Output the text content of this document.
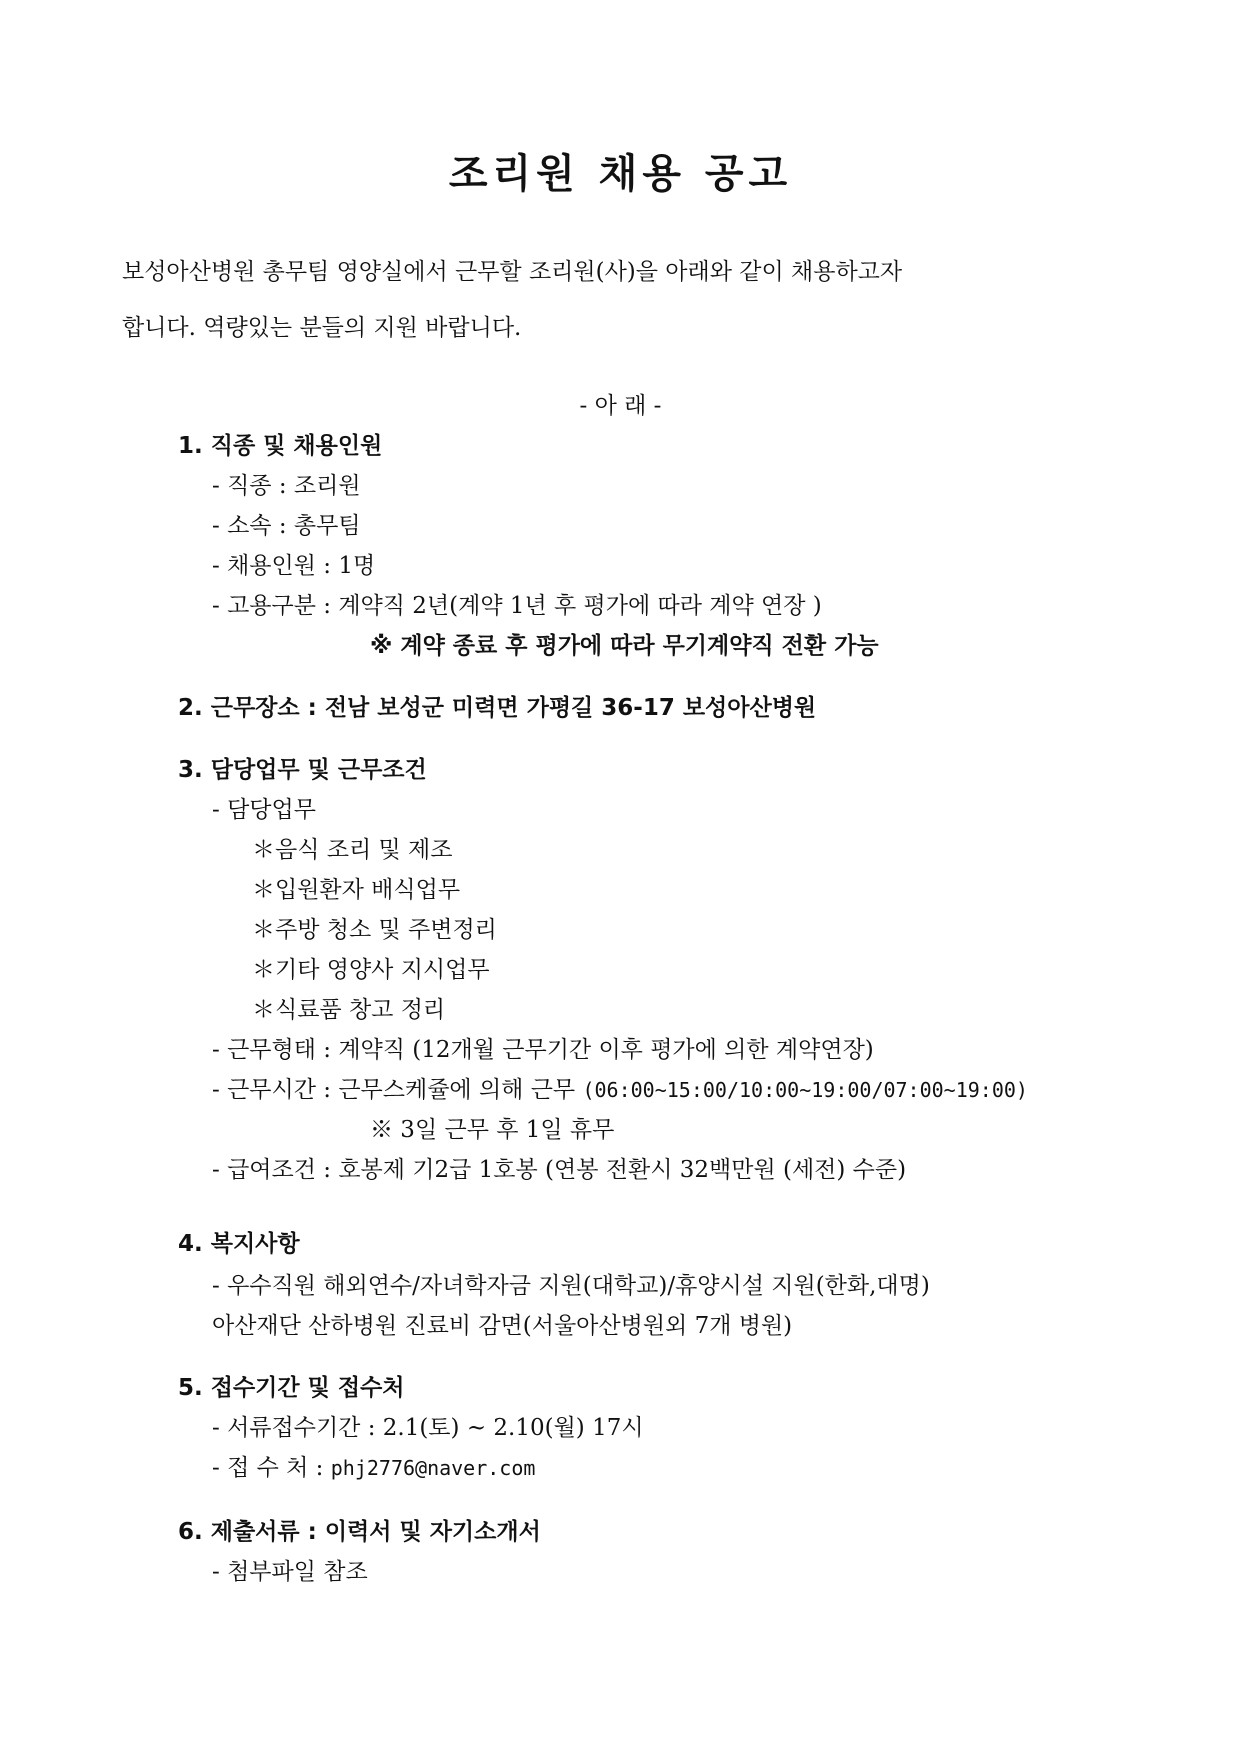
조리원 채용 공고
보성아산병원 총무팀 영양실에서 근무할 조리원(사)을 아래와 같이 채용하고자
합니다. 역량있는 분들의 지원 바랍니다.
- 아 래 -
1. 직종 및 채용인원
- 직종 : 조리원
- 소속 : 총무팀
- 채용인원 : 1명
- 고용구분 : 계약직 2년(계약 1년 후 평가에 따라 계약 연장 )
※ 계약 종료 후 평가에 따라 무기계약직 전환 가능
2. 근무장소 : 전남 보성군 미력면 가평길 36-17 보성아산병원
3. 담당업무 및 근무조건
- 담당업무
＊음식 조리 및 제조
＊입원환자 배식업무
＊주방 청소 및 주변정리
＊기타 영양사 지시업무
＊식료품 창고 정리
- 근무형태 : 계약직 (12개월 근무기간 이후 평가에 의한 계약연장)
- 근무시간 : 근무스케쥴에 의해 근무 (06:00~15:00/10:00~19:00/07:00~19:00)
※ 3일 근무 후 1일 휴무
- 급여조건 : 호봉제 기2급 1호봉 (연봉 전환시 32백만원 (세전) 수준)
4. 복지사항
- 우수직원 해외연수/자녀학자금 지원(대학교)/휴양시설 지원(한화,대명)
아산재단 산하병원 진료비 감면(서울아산병원외 7개 병원)
5. 접수기간 및 접수처
- 서류접수기간 : 2.1(토) ~ 2.10(월) 17시
- 접 수 처 : phj2776@naver.com
6. 제출서류 : 이력서 및 자기소개서
- 첨부파일 참조
